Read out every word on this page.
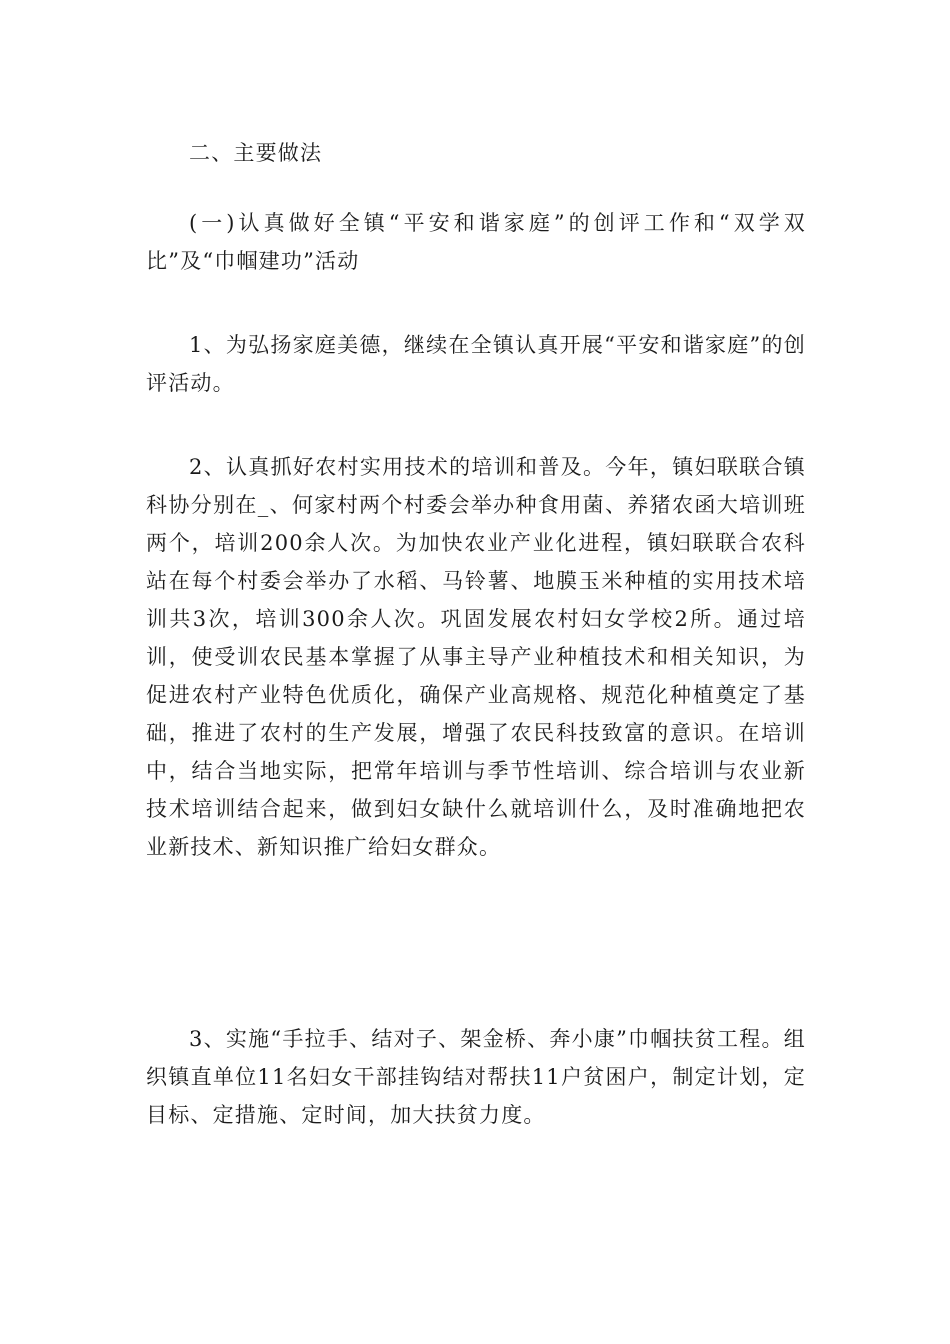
二、主要做法

(一)认真做好全镇“平安和谐家庭”的创评工作和“双学双比”及“巾帼建功”活动

1、为弘扬家庭美德，继续在全镇认真开展“平安和谐家庭”的创评活动。

2、认真抓好农村实用技术的培训和普及。今年，镇妇联联合镇科协分别在_、何家村两个村委会举办种食用菌、养猪农函大培训班两个，培训200余人次。为加快农业产业化进程，镇妇联联合农科站在每个村委会举办了水稻、马铃薯、地膜玉米种植的实用技术培训共3次，培训300余人次。巩固发展农村妇女学校2所。通过培训，使受训农民基本掌握了从事主导产业种植技术和相关知识，为促进农村产业特色优质化，确保产业高规格、规范化种植奠定了基础，推进了农村的生产发展，增强了农民科技致富的意识。在培训中，结合当地实际，把常年培训与季节性培训、综合培训与农业新技术培训结合起来，做到妇女缺什么就培训什么，及时准确地把农业新技术、新知识推广给妇女群众。

3、实施“手拉手、结对子、架金桥、奔小康”巾帼扶贫工程。组织镇直单位11名妇女干部挂钩结对帮扶11户贫困户，制定计划，定目标、定措施、定时间，加大扶贫力度。
